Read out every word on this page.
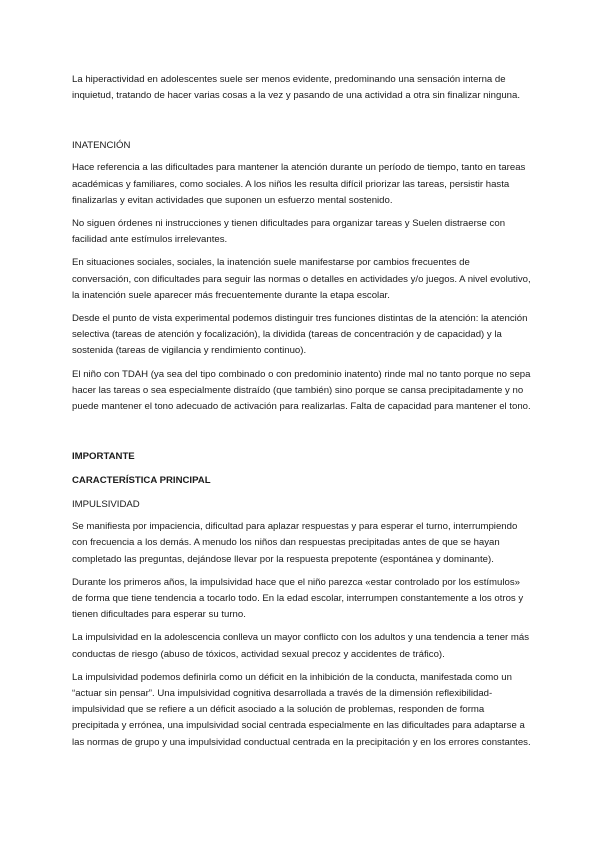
La hiperactividad en adolescentes suele ser menos evidente, predominando una sensación interna de inquietud, tratando de hacer varias cosas a la vez y pasando de una actividad a otra sin finalizar ninguna.

INATENCIÓN

Hace referencia a las dificultades para mantener la atención durante un período de tiempo, tanto en tareas académicas y familiares, como sociales. A los niños les resulta difícil priorizar las tareas, persistir hasta finalizarlas y evitan actividades que suponen un esfuerzo mental sostenido.

No siguen órdenes ni instrucciones y tienen dificultades para organizar tareas y Suelen distraerse con facilidad ante estímulos irrelevantes.

En situaciones sociales, sociales, la inatención suele manifestarse por cambios frecuentes de conversación, con dificultades para seguir las normas o detalles en actividades y/o juegos. A nivel evolutivo, la inatención suele aparecer más frecuentemente durante la etapa escolar.

Desde el punto de vista experimental podemos distinguir tres funciones distintas de la atención: la atención selectiva (tareas de atención y focalización), la dividida (tareas de concentración y de capacidad) y la sostenida (tareas de vigilancia y rendimiento continuo).

El niño con TDAH (ya sea del tipo combinado o con predominio inatento) rinde mal no tanto porque no sepa hacer las tareas o sea especialmente distraído (que también) sino porque se cansa precipitadamente y no puede mantener el tono adecuado de activación para realizarlas. Falta de capacidad para mantener el tono.

IMPORTANTE
CARACTERÍSTICA PRINCIPAL
IMPULSIVIDAD

Se manifiesta por impaciencia, dificultad para aplazar respuestas y para esperar el turno, interrumpiendo con frecuencia a los demás. A menudo los niños dan respuestas precipitadas antes de que se hayan completado las preguntas, dejándose llevar por la respuesta prepotente (espontánea y dominante).

Durante los primeros años, la impulsividad hace que el niño parezca «estar controlado por los estímulos» de forma que tiene tendencia a tocarlo todo. En la edad escolar, interrumpen constantemente a los otros y tienen dificultades para esperar su turno.

La impulsividad en la adolescencia conlleva un mayor conflicto con los adultos y una tendencia a tener más conductas de riesgo (abuso de tóxicos, actividad sexual precoz y accidentes de tráfico).

La impulsividad podemos definirla como un déficit en la inhibición de la conducta, manifestada como un “actuar sin pensar”. Una impulsividad cognitiva desarrollada a través de la dimensión reflexibilidad-impulsividad que se refiere a un déficit asociado a la solución de problemas, responden de forma precipitada y errónea, una impulsividad social centrada especialmente en las dificultades para adaptarse a las normas de grupo y una impulsividad conductual centrada en la precipitación y en los errores constantes.
